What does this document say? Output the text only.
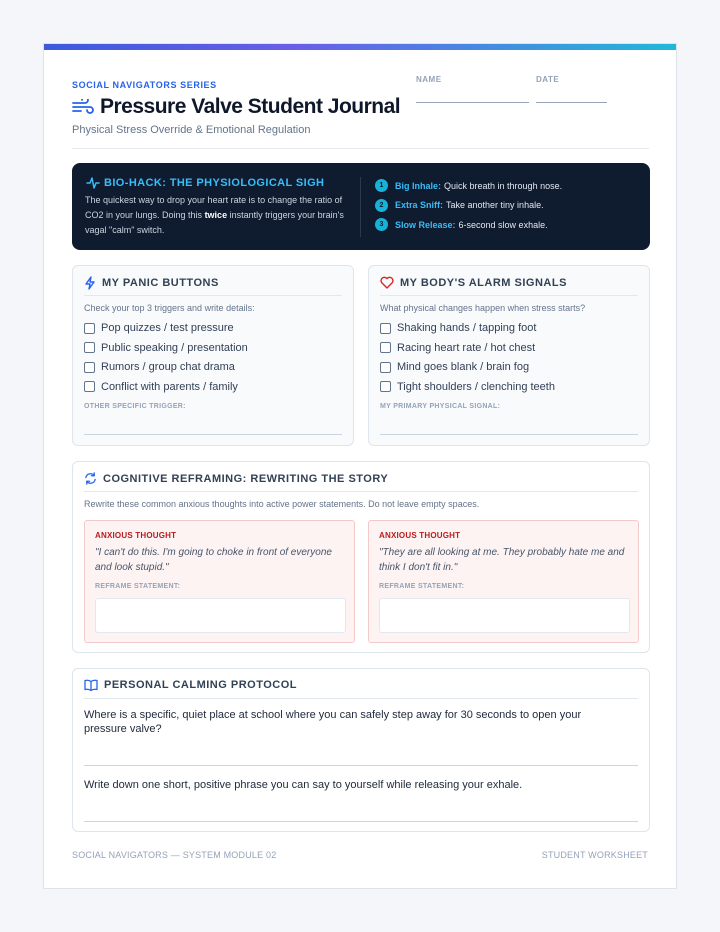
SOCIAL NAVIGATORS SERIES
Pressure Valve Student Journal
Physical Stress Override & Emotional Regulation
NAME	DATE
BIO-HACK: THE PHYSIOLOGICAL SIGH
The quickest way to drop your heart rate is to change the ratio of CO2 in your lungs. Doing this twice instantly triggers your brain's vagal "calm" switch.
1	Big Inhale: Quick breath in through nose.
2	Extra Sniff: Take another tiny inhale.
3	Slow Release: 6-second slow exhale.
MY PANIC BUTTONS
Check your top 3 triggers and write details:
Pop quizzes / test pressure
Public speaking / presentation
Rumors / group chat drama
Conflict with parents / family
OTHER SPECIFIC TRIGGER:
MY BODY'S ALARM SIGNALS
What physical changes happen when stress starts?
Shaking hands / tapping foot
Racing heart rate / hot chest
Mind goes blank / brain fog
Tight shoulders / clenching teeth
MY PRIMARY PHYSICAL SIGNAL:
COGNITIVE REFRAMING: REWRITING THE STORY
Rewrite these common anxious thoughts into active power statements. Do not leave empty spaces.
ANXIOUS THOUGHT
"I can't do this. I'm going to choke in front of everyone and look stupid."
REFRAME STATEMENT:
ANXIOUS THOUGHT
"They are all looking at me. They probably hate me and think I don't fit in."
REFRAME STATEMENT:
PERSONAL CALMING PROTOCOL
Where is a specific, quiet place at school where you can safely step away for 30 seconds to open your pressure valve?
Write down one short, positive phrase you can say to yourself while releasing your exhale.
SOCIAL NAVIGATORS — SYSTEM MODULE 02	STUDENT WORKSHEET
